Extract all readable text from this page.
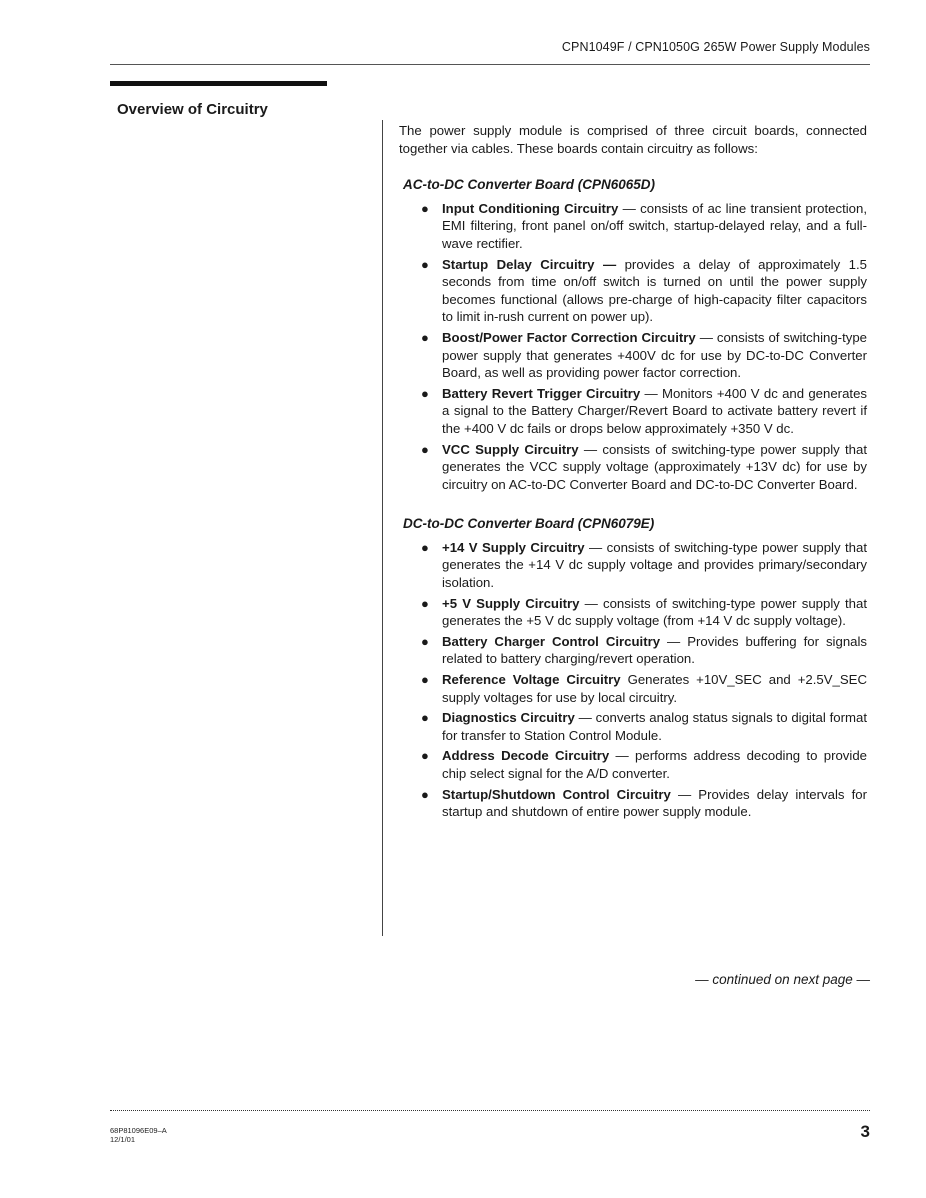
CPN1049F / CPN1050G 265W Power Supply Modules
Overview of Circuitry

The power supply module is comprised of three circuit boards, connected together via cables. These boards contain circuitry as follows:

AC-to-DC Converter Board (CPN6065D)
● Input Conditioning Circuitry — consists of ac line transient protection, EMI filtering, front panel on/off switch, startup-delayed relay, and a full-wave rectifier.
● Startup Delay Circuitry — provides a delay of approximately 1.5 seconds from time on/off switch is turned on until the power supply becomes functional (allows pre-charge of high-capacity filter capacitors to limit in-rush current on power up).
● Boost/Power Factor Correction Circuitry — consists of switching-type power supply that generates +400V dc for use by DC-to-DC Converter Board, as well as providing power factor correction.
● Battery Revert Trigger Circuitry — Monitors +400 V dc and generates a signal to the Battery Charger/Revert Board to activate battery revert if the +400 V dc fails or drops below approximately +350 V dc.
● VCC Supply Circuitry — consists of switching-type power supply that generates the VCC supply voltage (approximately +13V dc) for use by circuitry on AC-to-DC Converter Board and DC-to-DC Converter Board.
DC-to-DC Converter Board (CPN6079E)
● +14 V Supply Circuitry — consists of switching-type power supply that generates the +14 V dc supply voltage and provides primary/secondary isolation.
● +5 V Supply Circuitry — consists of switching-type power supply that generates the +5 V dc supply voltage (from +14 V dc supply voltage).
● Battery Charger Control Circuitry — Provides buffering for signals related to battery charging/revert operation.
● Reference Voltage Circuitry Generates +10V_SEC and +2.5V_SEC supply voltages for use by local circuitry.
● Diagnostics Circuitry — converts analog status signals to digital format for transfer to Station Control Module.
● Address Decode Circuitry — performs address decoding to provide chip select signal for the A/D converter.
● Startup/Shutdown Control Circuitry — Provides delay intervals for startup and shutdown of entire power supply module.
— continued on next page —
68P81096E09–A
12/1/01	3
